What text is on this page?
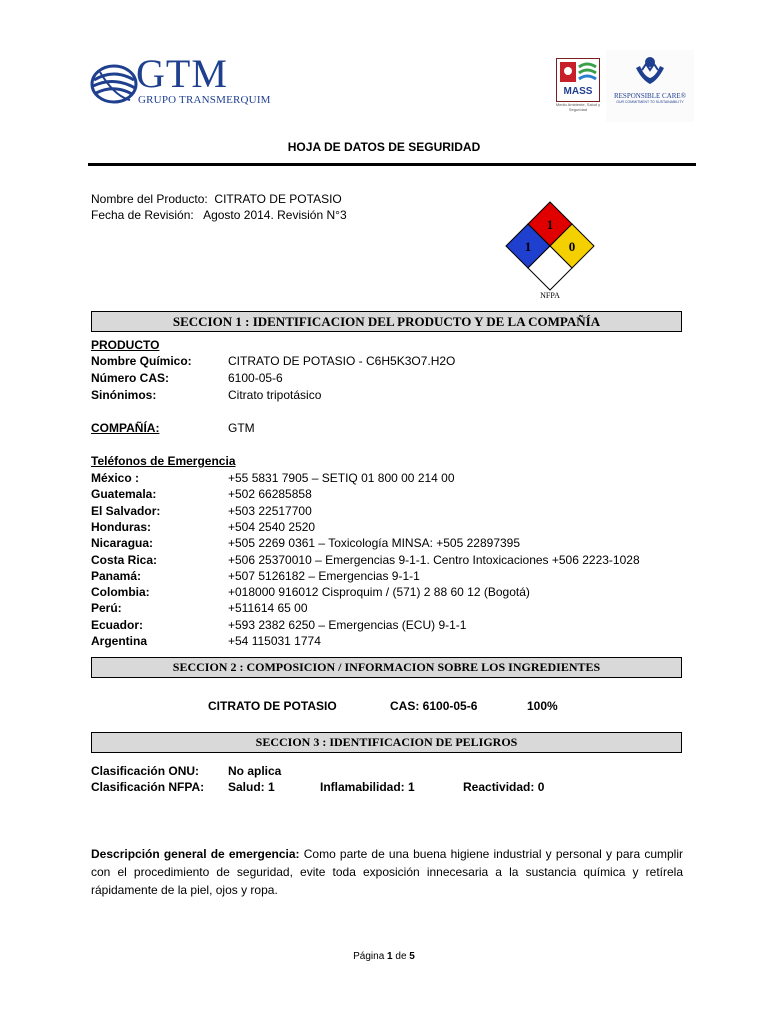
GTM
GRUPO TRANSMERQUIM
MASS
Medio Ambiente, Salud y Seguridad
RESPONSIBLE CARE®
OUR COMMITMENT TO SUSTAINABILITY
HOJA DE DATOS DE SEGURIDAD
Nombre del Producto: CITRATO DE POTASIO
Fecha de Revisión: Agosto 2014. Revisión N°3
1
1	0
NFPA
SECCION 1 : IDENTIFICACION DEL PRODUCTO Y DE LA COMPAÑÍA
PRODUCTO
Nombre Químico:	CITRATO DE POTASIO - C6H5K3O7.H2O
Número CAS:	6100-05-6
Sinónimos:	Citrato tripotásico
COMPAÑÍA:	GTM
Teléfonos de Emergencia
México :	+55 5831 7905 – SETIQ 01 800 00 214 00
Guatemala:	+502 66285858
El Salvador:	+503 22517700
Honduras:	+504 2540 2520
Nicaragua:	+505 2269 0361 – Toxicología MINSA: +505 22897395
Costa Rica:	+506 25370010 – Emergencias 9-1-1. Centro Intoxicaciones +506 2223-1028
Panamá:	+507 5126182 – Emergencias 9-1-1
Colombia:	+018000 916012 Cisproquim / (571) 2 88 60 12 (Bogotá)
Perú:	+511614 65 00
Ecuador:	+593 2382 6250 – Emergencias (ECU) 9-1-1
Argentina	+54 115031 1774
SECCION 2 : COMPOSICION / INFORMACION SOBRE LOS INGREDIENTES
CITRATO DE POTASIO	CAS: 6100-05-6	100%
SECCION 3 : IDENTIFICACION DE PELIGROS
Clasificación ONU: No aplica
Clasificación NFPA: Salud: 1	Inflamabilidad: 1	Reactividad: 0
Descripción general de emergencia: Como parte de una buena higiene industrial y personal y para cumplir con el procedimiento de seguridad, evite toda exposición innecesaria a la sustancia química y retírela rápidamente de la piel, ojos y ropa.
Página 1 de 5
